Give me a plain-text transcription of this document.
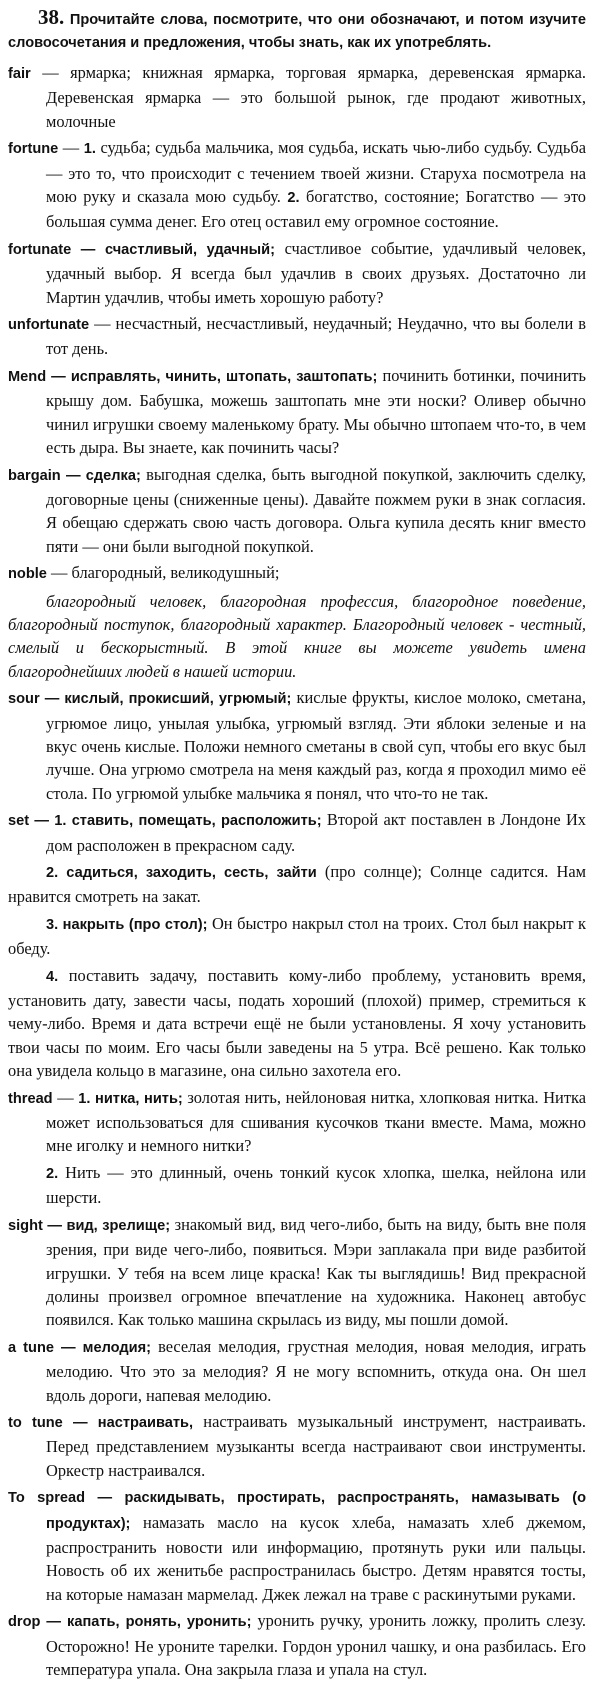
38. Прочитайте слова, посмотрите, что они обозначают, и потом изучите словосочетания и предложения, чтобы знать, как их употреблять.

fair — ярмарка; книжная ярмарка, торговая ярмарка, деревенская ярмарка. Деревенская ярмарка — это большой рынок, где продают животных, молочные

fortune — 1. судьба; судьба мальчика, моя судьба, искать чью-либо судьбу. Судьба — это то, что происходит с течением твоей жизни. Старуха посмотрела на мою руку и сказала мою судьбу. 2. богатство, состояние; Богатство — это большая сумма денег. Его отец оставил ему огромное состояние.

fortunate — счастливый, удачный; счастливое событие, удачливый человек, удачный выбор. Я всегда был удачлив в своих друзьях. Достаточно ли Мартин удачлив, чтобы иметь хорошую работу?

unfortunate — несчастный, несчастливый, неудачный; Неудачно, что вы болели в тот день.

Mend — исправлять, чинить, штопать, заштопать; починить ботинки, починить крышу дом. Бабушка, можешь заштопать мне эти носки? Оливер обычно чинил игрушки своему маленькому брату. Мы обычно штопаем что-то, в чем есть дыра. Вы знаете, как починить часы?

bargain — сделка; выгодная сделка, быть выгодной покупкой, заключить сделку, договорные цены (сниженные цены). Давайте пожмем руки в знак согласия. Я обещаю сдержать свою часть договора. Ольга купила десять книг вместо пяти — они были выгодной покупкой.

noble — благородный, великодушный;

благородный человек, благородная профессия, благородное поведение, благородный поступок, благородный характер. Благородный человек - честный, смелый и бескорыстный. В этой книге вы можете увидеть имена благороднейших людей в нашей истории.

sour — кислый, прокисший, угрюмый; кислые фрукты, кислое молоко, сметана, угрюмое лицо, унылая улыбка, угрюмый взгляд. Эти яблоки зеленые и на вкус очень кислые. Положи немного сметаны в свой суп, чтобы его вкус был лучше. Она угрюмо смотрела на меня каждый раз, когда я проходил мимо её стола. По угрюмой улыбке мальчика я понял, что что-то не так.

set — 1. ставить, помещать, расположить; Второй акт поставлен в Лондоне Их дом расположен в прекрасном саду.

2. садиться, заходить, сесть, зайти (про солнце); Солнце садится. Нам нравится смотреть на закат.

3. накрыть (про стол); Он быстро накрыл стол на троих. Стол был накрыт к обеду.

4. поставить задачу, поставить кому-либо проблему, установить время, установить дату, завести часы, подать хороший (плохой) пример, стремиться к чему-либо. Время и дата встречи ещё не были установлены. Я хочу установить твои часы по моим. Его часы были заведены на 5 утра. Всё решено. Как только она увидела кольцо в магазине, она сильно захотела его.

thread — 1. нитка, нить; золотая нить, нейлоновая нитка, хлопковая нитка. Нитка может использоваться для сшивания кусочков ткани вместе. Мама, можно мне иголку и немного нитки?

2. Нить — это длинный, очень тонкий кусок хлопка, шелка, нейлона или шерсти.

sight — вид, зрелище; знакомый вид, вид чего-либо, быть на виду, быть вне поля зрения, при виде чего-либо, появиться. Мэри заплакала при виде разбитой игрушки. У тебя на всем лице краска! Как ты выглядишь! Вид прекрасной долины произвел огромное впечатление на художника. Наконец автобус появился. Как только машина скрылась из виду, мы пошли домой.

a tune — мелодия; веселая мелодия, грустная мелодия, новая мелодия, играть мелодию. Что это за мелодия? Я не могу вспомнить, откуда она. Он шел вдоль дороги, напевая мелодию.

to tune — настраивать, настраивать музыкальный инструмент, настраивать. Перед представлением музыканты всегда настраивают свои инструменты. Оркестр настраивался.

To spread — раскидывать, простирать, распространять, намазывать (о продуктах); намазать масло на кусок хлеба, намазать хлеб джемом, распространить новости или информацию, протянуть руки или пальцы. Новость об их женитьбе распространилась быстро. Детям нравятся тосты, на которые намазан мармелад. Джек лежал на траве с раскинутыми руками.

drop — капать, ронять, уронить; уронить ручку, уронить ложку, пролить слезу. Осторожно! Не уроните тарелки. Гордон уронил чашку, и она разбилась. Его температура упала. Она закрыла глаза и упала на стул.
